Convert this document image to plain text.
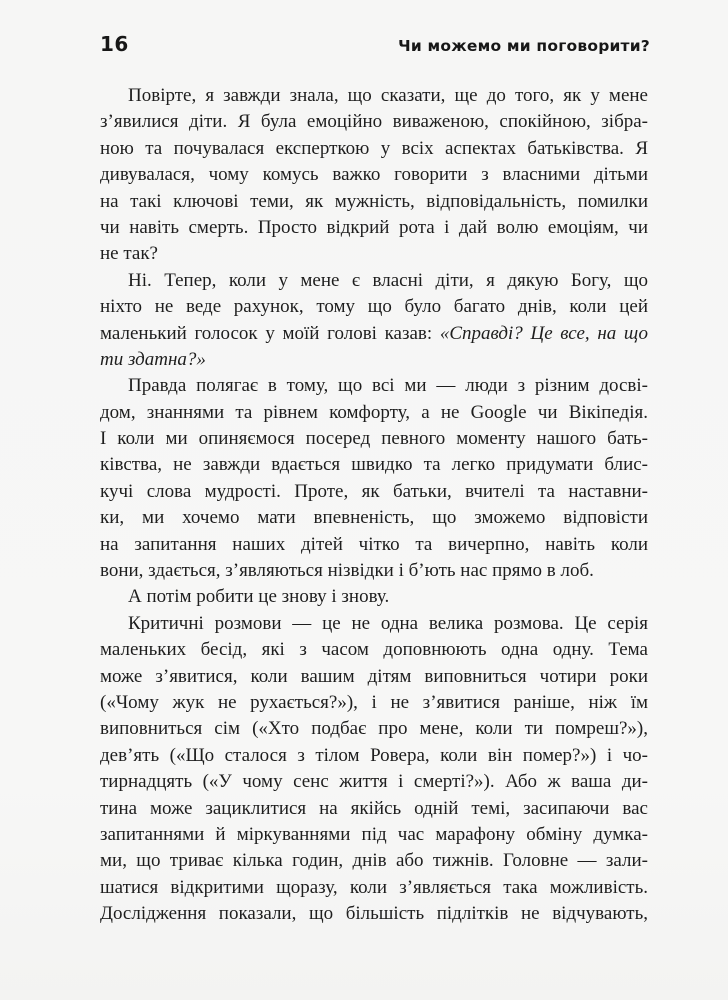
16	Чи можемо ми поговорити?
Повірте, я завжди знала, що сказати, ще до того, як у мене
з’явилися діти. Я була емоційно виваженою, спокійною, зібра-
ною та почувалася експерткою у всіх аспектах батьківства. Я
дивувалася, чому комусь важко говорити з власними дітьми
на такі ключові теми, як мужність, відповідальність, помилки
чи навіть смерть. Просто відкрий рота і дай волю емоціям, чи
не так?
Ні. Тепер, коли у мене є власні діти, я дякую Богу, що
ніхто не веде рахунок, тому що було багато днів, коли цей
маленький голосок у моїй голові казав: «Справді? Це все, на що
ти здатна?»
Правда полягає в тому, що всі ми — люди з різним досві-
дом, знаннями та рівнем комфорту, а не Google чи Вікіпедія.
І коли ми опиняємося посеред певного моменту нашого бать-
ківства, не завжди вдається швидко та легко придумати блис-
кучі слова мудрості. Проте, як батьки, вчителі та наставни-
ки, ми хочемо мати впевненість, що зможемо відповісти
на запитання наших дітей чітко та вичерпно, навіть коли
вони, здається, з’являються нізвідки і б’ють нас прямо в лоб.
А потім робити це знову і знову.
Критичні розмови — це не одна велика розмова. Це серія
маленьких бесід, які з часом доповнюють одна одну. Тема
може з’явитися, коли вашим дітям виповниться чотири роки
(«Чому жук не рухається?»), і не з’явитися раніше, ніж їм
виповниться сім («Хто подбає про мене, коли ти помреш?»),
дев’ять («Що сталося з тілом Ровера, коли він помер?») і чо-
тирнадцять («У чому сенс життя і смерті?»). Або ж ваша ди-
тина може зациклитися на якійсь одній темі, засипаючи вас
запитаннями й міркуваннями під час марафону обміну думка-
ми, що триває кілька годин, днів або тижнів. Головне — зали-
шатися відкритими щоразу, коли з’являється така можливість.
Дослідження показали, що більшість підлітків не відчувають,
